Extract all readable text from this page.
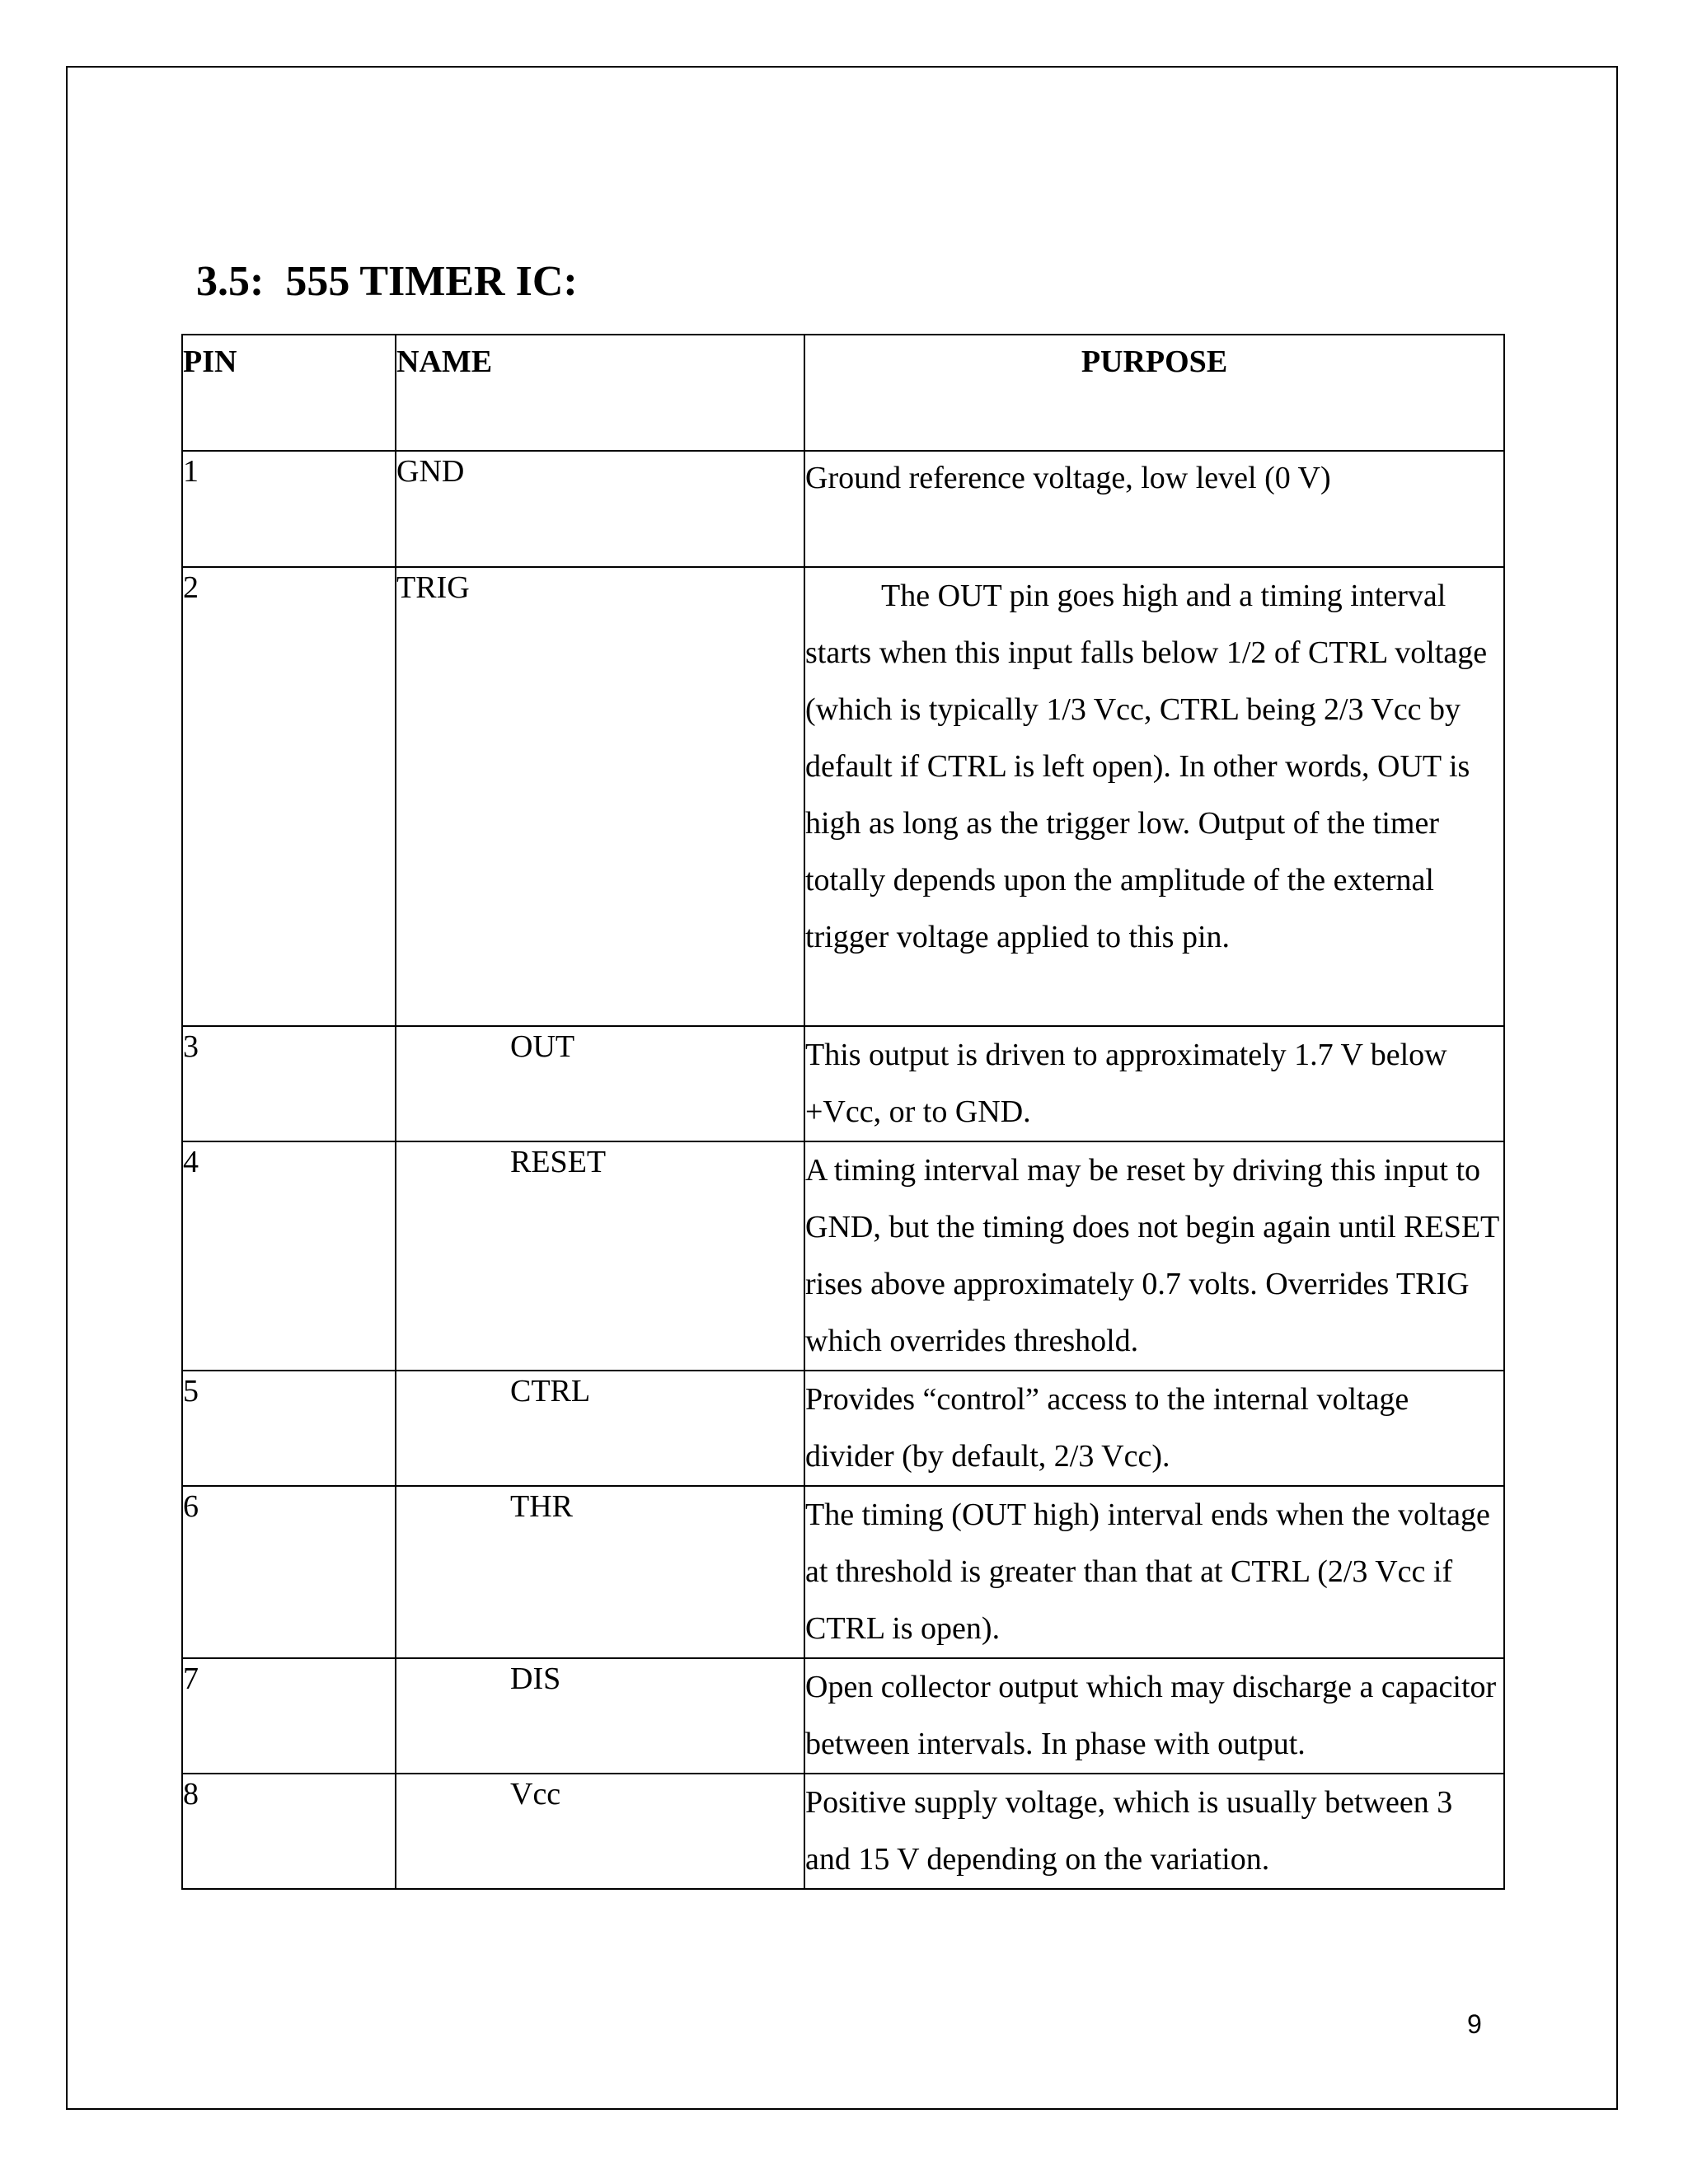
3.5:  555 TIMER IC:
PIN	NAME	PURPOSE
1	GND	Ground reference voltage, low level (0 V)
2	TRIG	The OUT pin goes high and a timing interval starts when this input falls below 1/2 of CTRL voltage (which is typically 1/3 Vcc, CTRL being 2/3 Vcc by default if CTRL is left open). In other words, OUT is high as long as the trigger low. Output of the timer totally depends upon the amplitude of the external trigger voltage applied to this pin.
3	OUT	This output is driven to approximately 1.7 V below +Vcc, or to GND.
4	RESET	A timing interval may be reset by driving this input to GND, but the timing does not begin again until RESET rises above approximately 0.7 volts. Overrides TRIG which overrides threshold.
5	CTRL	Provides “control” access to the internal voltage divider (by default, 2/3 Vcc).
6	THR	The timing (OUT high) interval ends when the voltage at threshold is greater than that at CTRL (2/3 Vcc if CTRL is open).
7	DIS	Open collector output which may discharge a capacitor between intervals. In phase with output.
8	Vcc	Positive supply voltage, which is usually between 3 and 15 V depending on the variation.
9
